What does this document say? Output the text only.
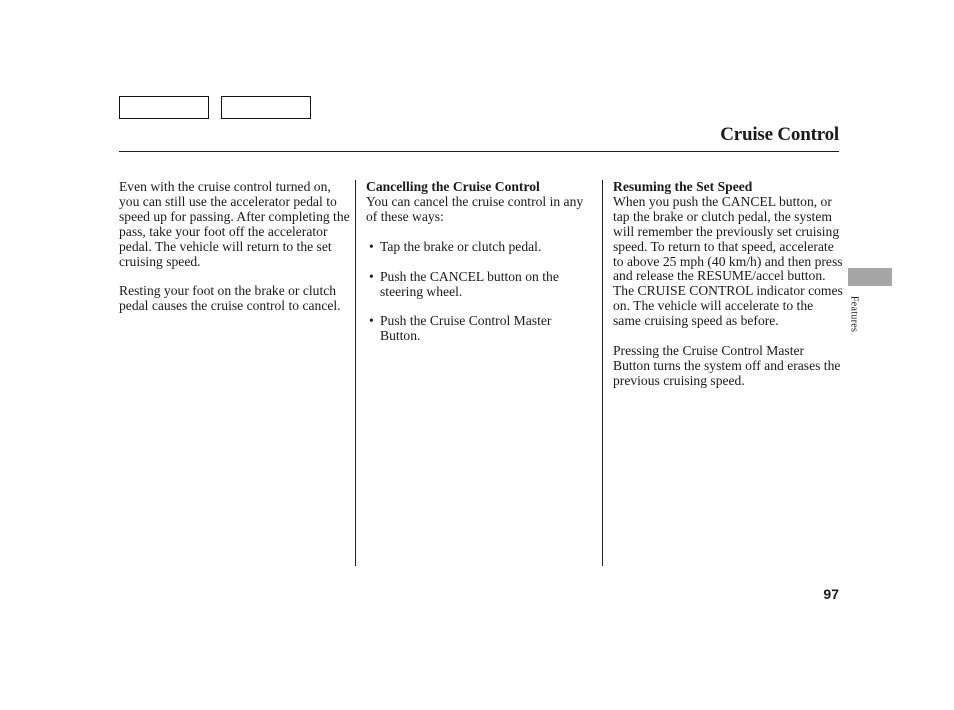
Cruise Control

Even with the cruise control turned on, you can still use the accelerator pedal to speed up for passing. After completing the pass, take your foot off the accelerator pedal. The vehicle will return to the set cruising speed.

Resting your foot on the brake or clutch pedal causes the cruise control to cancel.

Cancelling the Cruise Control

You can cancel the cruise control in any of these ways:

• Tap the brake or clutch pedal.

• Push the CANCEL button on the steering wheel.

• Push the Cruise Control Master Button.

Resuming the Set Speed

When you push the CANCEL button, or tap the brake or clutch pedal, the system will remember the previously set cruising speed. To return to that speed, accelerate to above 25 mph (40 km/h) and then press and release the RESUME/accel button. The CRUISE CONTROL indicator comes on. The vehicle will accelerate to the same cruising speed as before.

Pressing the Cruise Control Master Button turns the system off and erases the previous cruising speed.

Features
97
